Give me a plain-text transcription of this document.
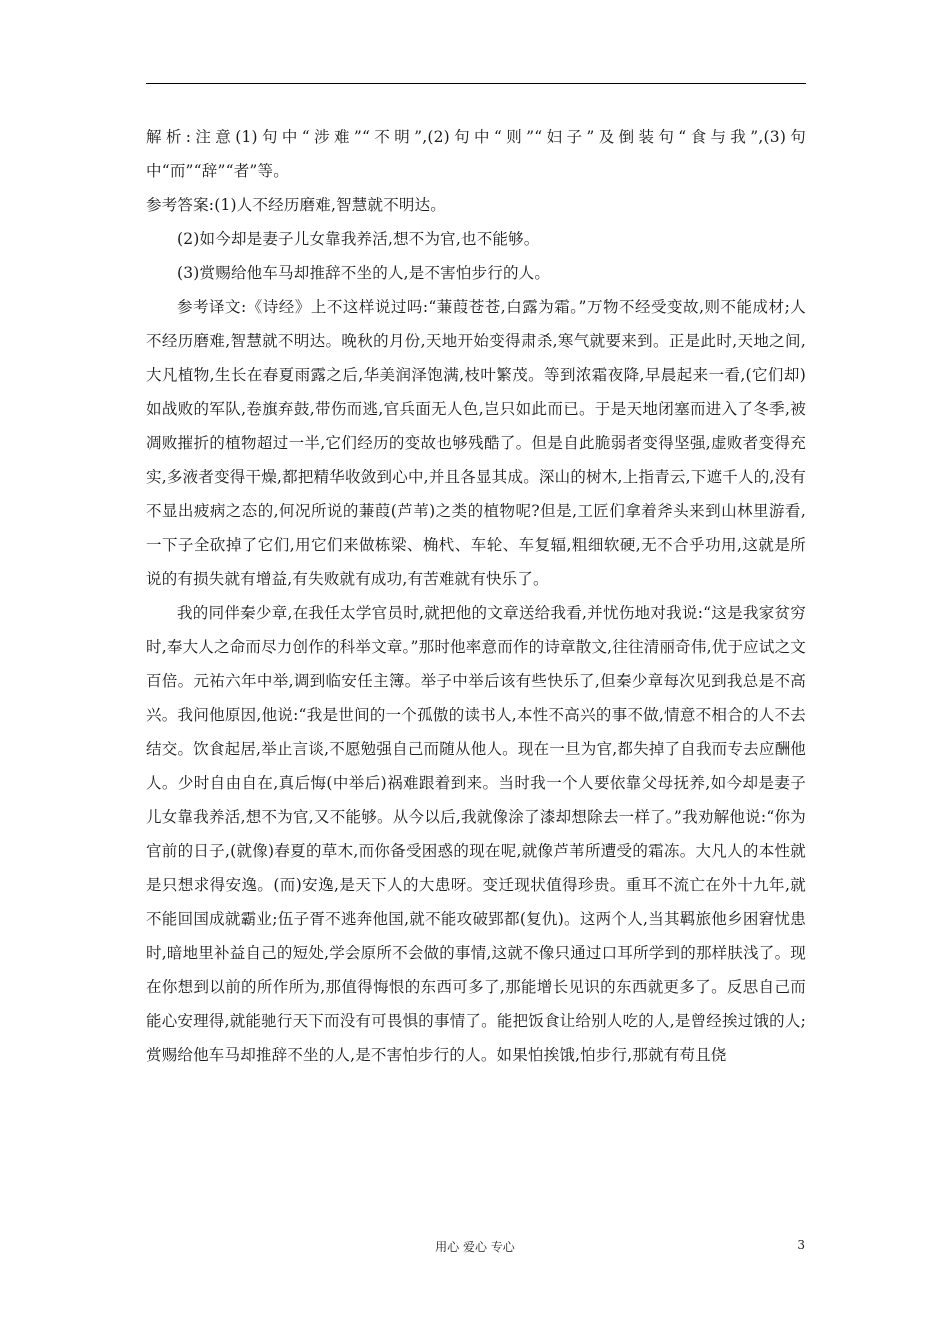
解析:注意(1)句中“涉难”“不明”,(2)句中“则”“妇子”及倒装句“食与我”,(3)句中“而”“辞”“者”等。

参考答案:(1)人不经历磨难,智慧就不明达。

(2)如今却是妻子儿女靠我养活,想不为官,也不能够。

(3)赏赐给他车马却推辞不坐的人,是不害怕步行的人。

参考译文:《诗经》上不这样说过吗:“蒹葭苍苍,白露为霜。”万物不经受变故,则不能成材;人不经历磨难,智慧就不明达。晚秋的月份,天地开始变得肃杀,寒气就要来到。正是此时,天地之间,大凡植物,生长在春夏雨露之后,华美润泽饱满,枝叶繁茂。等到浓霜夜降,早晨起来一看,(它们却)如战败的军队,卷旗弃鼓,带伤而逃,官兵面无人色,岂只如此而已。于是天地闭塞而进入了冬季,被凋败摧折的植物超过一半,它们经历的变故也够残酷了。但是自此脆弱者变得坚强,虚败者变得充实,多液者变得干燥,都把精华收敛到心中,并且各显其成。深山的树木,上指青云,下遮千人的,没有不显出疲病之态的,何况所说的蒹葭(芦苇)之类的植物呢?但是,工匠们拿着斧头来到山林里游看,一下子全砍掉了它们,用它们来做栋梁、桷杙、车轮、车复辐,粗细软硬,无不合乎功用,这就是所说的有损失就有增益,有失败就有成功,有苦难就有快乐了。

我的同伴秦少章,在我任太学官员时,就把他的文章送给我看,并忧伤地对我说:“这是我家贫穷时,奉大人之命而尽力创作的科举文章。”那时他率意而作的诗章散文,往往清丽奇伟,优于应试之文百倍。元祐六年中举,调到临安任主簿。举子中举后该有些快乐了,但秦少章每次见到我总是不高兴。我问他原因,他说:“我是世间的一个孤傲的读书人,本性不高兴的事不做,情意不相合的人不去结交。饮食起居,举止言谈,不愿勉强自己而随从他人。现在一旦为官,都失掉了自我而专去应酬他人。少时自由自在,真后悔(中举后)祸难跟着到来。当时我一个人要依靠父母抚养,如今却是妻子儿女靠我养活,想不为官,又不能够。从今以后,我就像涂了漆却想除去一样了。”我劝解他说:“你为官前的日子,(就像)春夏的草木,而你备受困惑的现在呢,就像芦苇所遭受的霜冻。大凡人的本性就是只想求得安逸。(而)安逸,是天下人的大患呀。变迁现状值得珍贵。重耳不流亡在外十九年,就不能回国成就霸业;伍子胥不逃奔他国,就不能攻破郢都(复仇)。这两个人,当其羁旅他乡困窘忧患时,暗地里补益自己的短处,学会原所不会做的事情,这就不像只通过口耳所学到的那样肤浅了。现在你想到以前的所作所为,那值得悔恨的东西可多了,那能增长见识的东西就更多了。反思自己而能心安理得,就能驰行天下而没有可畏惧的事情了。能把饭食让给别人吃的人,是曾经挨过饿的人;赏赐给他车马却推辞不坐的人,是不害怕步行的人。如果怕挨饿,怕步行,那就有苟且侥

用心 爱心 专心	3
